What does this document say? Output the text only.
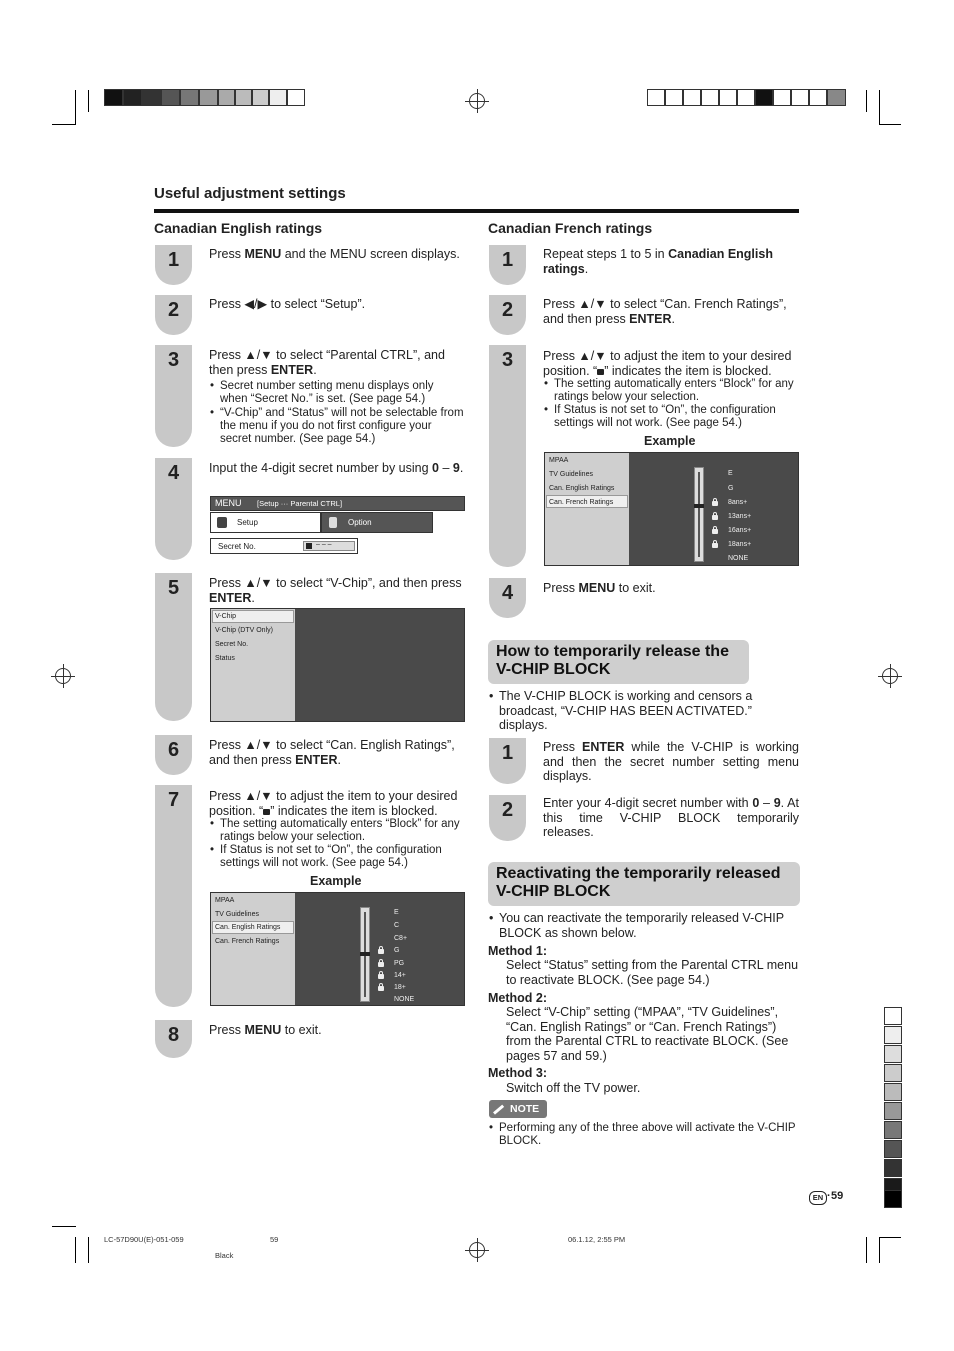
Useful adjustment settings
Canadian English ratings
1	Press MENU and the MENU screen displays.
2	Press ◀/▶ to select “Setup”.
3	Press ▲/▼ to select “Parental CTRL”, and then press ENTER.
• Secret number setting menu displays only when “Secret No.” is set. (See page 54.)
• “V-Chip” and “Status” will not be selectable from the menu if you do not first configure your secret number. (See page 54.)
4	Input the 4-digit secret number by using 0 – 9.
MENU [Setup ··· Parental CTRL]
Setup	Option
Secret No.	– – –
5	Press ▲/▼ to select “V-Chip”, and then press ENTER.
V-Chip
V-Chip (DTV Only)
Secret No.
Status
6	Press ▲/▼ to select “Can. English Ratings”, and then press ENTER.
7	Press ▲/▼ to adjust the item to your desired position. “ ” indicates the item is blocked.
• The setting automatically enters “Block” for any ratings below your selection.
• If Status is not set to “On”, the configuration settings will not work. (See page 54.)
Example
MPAA
TV Guidelines
Can. English Ratings
Can. French Ratings
E
C
C8+
G
PG
14+
18+
NONE
8	Press MENU to exit.
Canadian French ratings
1	Repeat steps 1 to 5 in Canadian English ratings.
2	Press ▲/▼ to select “Can. French Ratings”, and then press ENTER.
3	Press ▲/▼ to adjust the item to your desired position. “ ” indicates the item is blocked.
• The setting automatically enters “Block” for any ratings below your selection.
• If Status is not set to “On”, the configuration settings will not work. (See page 54.)
Example
MPAA
TV Guidelines
Can. English Ratings
Can. French Ratings
E
G
8ans+
13ans+
16ans+
18ans+
NONE
4	Press MENU to exit.
How to temporarily release the V-CHIP BLOCK
• The V-CHIP BLOCK is working and censors a broadcast, “V-CHIP HAS BEEN ACTIVATED.” displays.
1	Press ENTER while the V-CHIP is working and then the secret number setting menu displays.
2	Enter your 4-digit secret number with 0 – 9. At this time V-CHIP BLOCK temporarily releases.
Reactivating the temporarily released V-CHIP BLOCK
• You can reactivate the temporarily released V-CHIP BLOCK as shown below.
Method 1:
Select “Status” setting from the Parental CTRL menu to reactivate BLOCK. (See page 54.)
Method 2:
Select “V-Chip” setting (“MPAA”, “TV Guidelines”, “Can. English Ratings” or “Can. French Ratings”) from the Parental CTRL to reactivate BLOCK. (See pages 57 and 59.)
Method 3:
Switch off the TV power.
NOTE
• Performing any of the three above will activate the V-CHIP BLOCK.
EN · 59
LC-57D90U(E)-051-059	59	06.1.12, 2:55 PM
Black
